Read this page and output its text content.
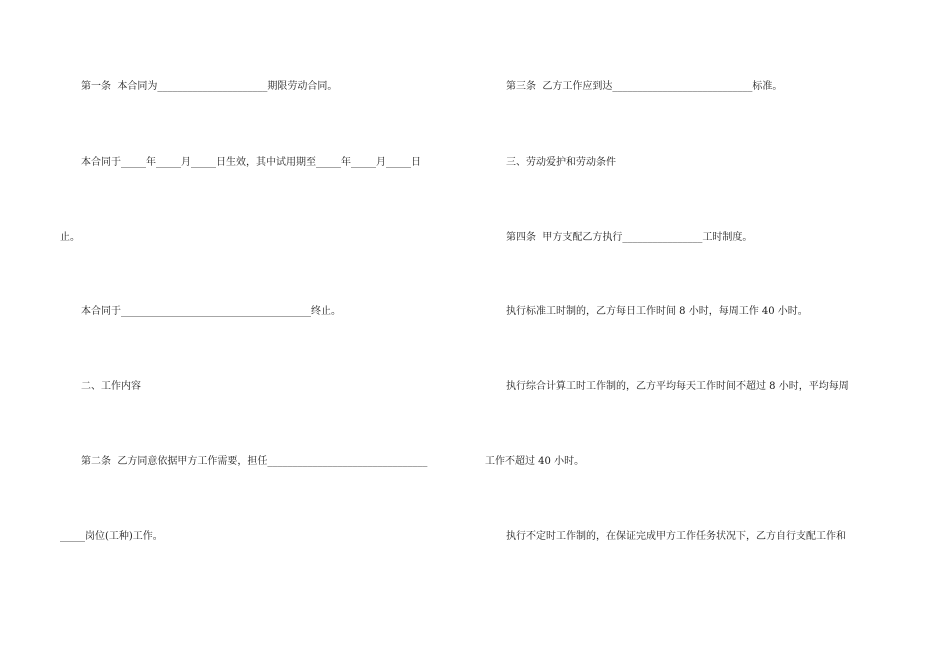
第一条  本合同为______________________期限劳动合同。
本合同于_____年_____月_____日生效，其中试用期至_____年_____月_____日
止。
本合同于______________________________________终止。
二、工作内容
第二条  乙方同意依据甲方工作需要，担任________________________________
_____岗位(工种)工作。
第三条  乙方工作应到达____________________________标准。
三、劳动爱护和劳动条件
第四条  甲方支配乙方执行________________工时制度。
执行标准工时制的，乙方每日工作时间 8 小时，每周工作 40 小时。
执行综合计算工时工作制的，乙方平均每天工作时间不超过 8 小时，平均每周
工作不超过 40 小时。
执行不定时工作制的，在保证完成甲方工作任务状况下，乙方自行支配工作和
